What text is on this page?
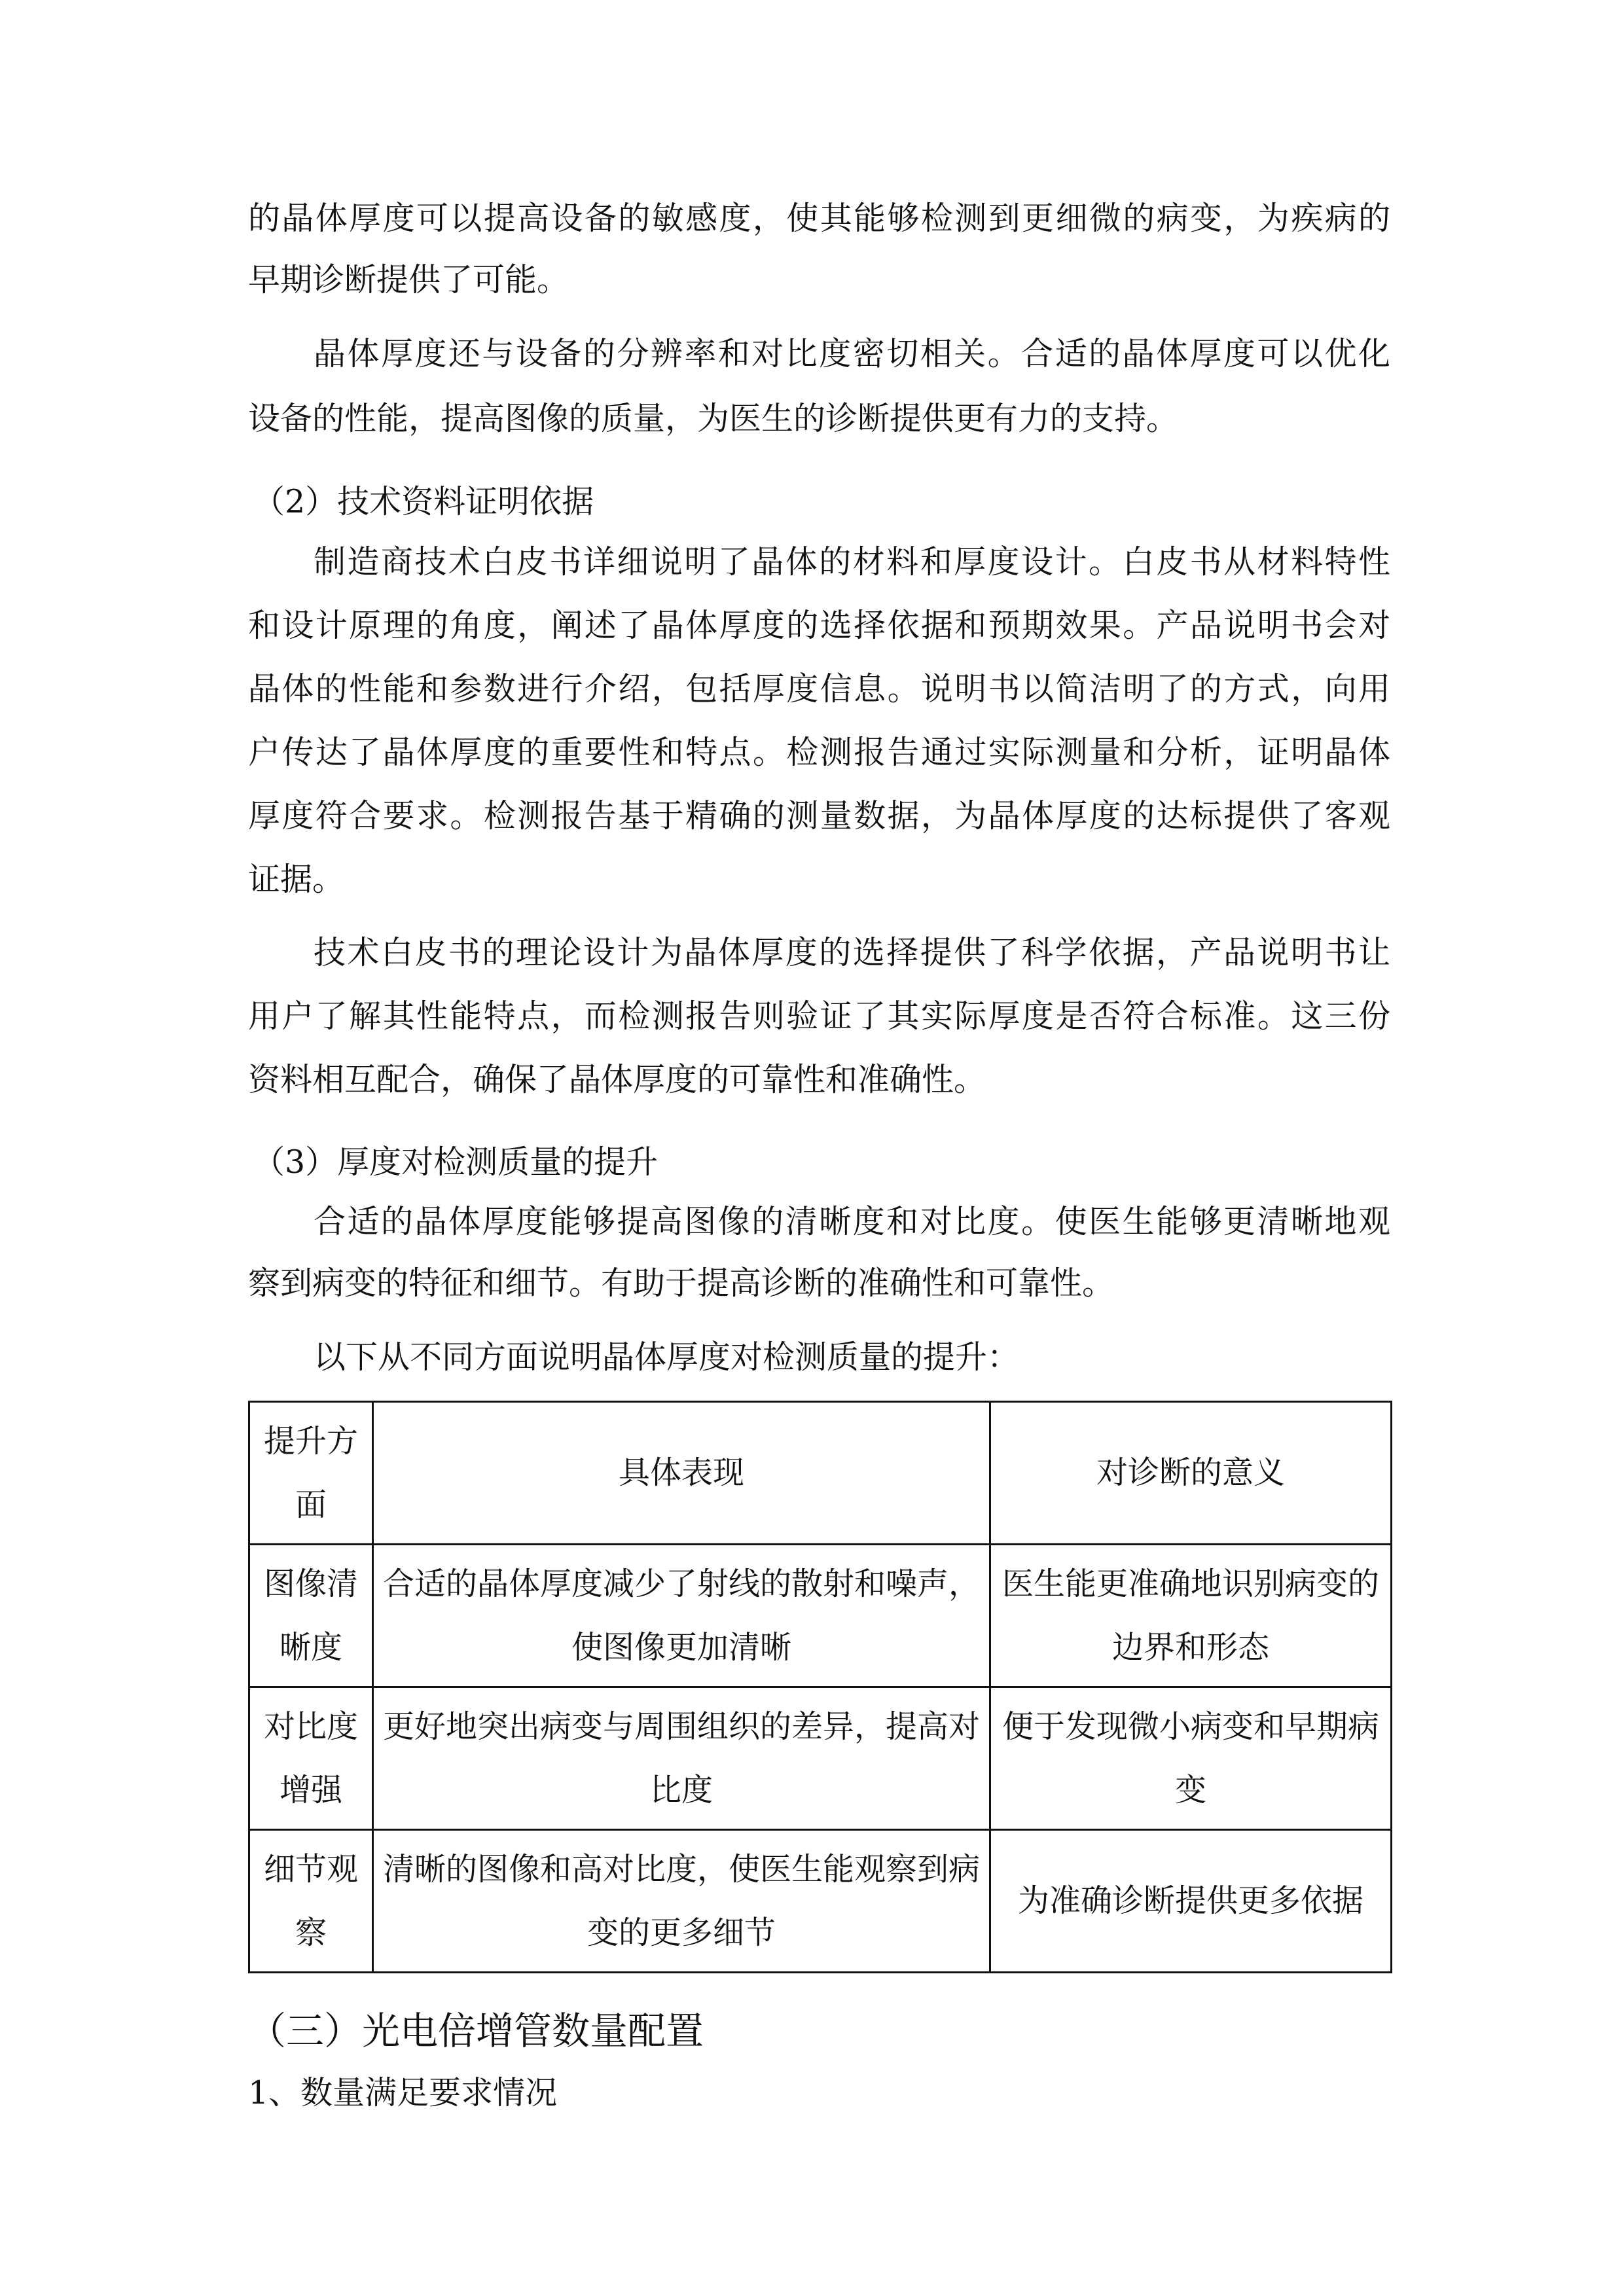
的晶体厚度可以提高设备的敏感度，使其能够检测到更细微的病变，为疾病的
早期诊断提供了可能。
晶体厚度还与设备的分辨率和对比度密切相关。合适的晶体厚度可以优化
设备的性能，提高图像的质量，为医生的诊断提供更有力的支持。
（2）技术资料证明依据
制造商技术白皮书详细说明了晶体的材料和厚度设计。白皮书从材料特性
和设计原理的角度，阐述了晶体厚度的选择依据和预期效果。产品说明书会对
晶体的性能和参数进行介绍，包括厚度信息。说明书以简洁明了的方式，向用
户传达了晶体厚度的重要性和特点。检测报告通过实际测量和分析，证明晶体
厚度符合要求。检测报告基于精确的测量数据，为晶体厚度的达标提供了客观
证据。
技术白皮书的理论设计为晶体厚度的选择提供了科学依据，产品说明书让
用户了解其性能特点，而检测报告则验证了其实际厚度是否符合标准。这三份
资料相互配合，确保了晶体厚度的可靠性和准确性。
（3）厚度对检测质量的提升
合适的晶体厚度能够提高图像的清晰度和对比度。使医生能够更清晰地观
察到病变的特征和细节。有助于提高诊断的准确性和可靠性。
以下从不同方面说明晶体厚度对检测质量的提升：
提升方面	具体表现	对诊断的意义
图像清晰度	合适的晶体厚度减少了射线的散射和噪声，使图像更加清晰	医生能更准确地识别病变的边界和形态
对比度增强	更好地突出病变与周围组织的差异，提高对比度	便于发现微小病变和早期病变
细节观察	清晰的图像和高对比度，使医生能观察到病变的更多细节	为准确诊断提供更多依据
（三）光电倍增管数量配置
1、数量满足要求情况
